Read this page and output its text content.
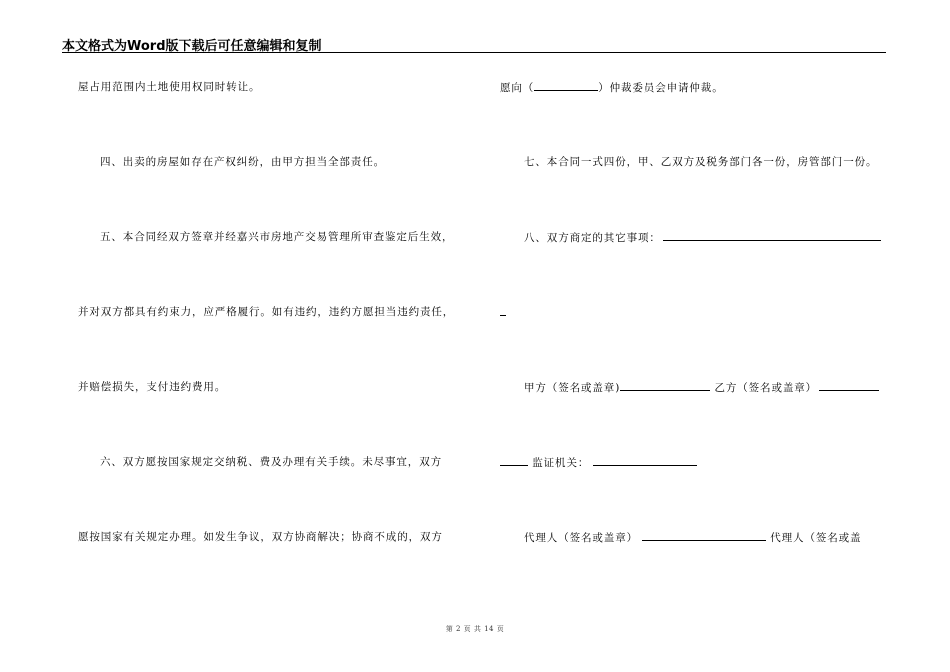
本文格式为Word版下载后可任意编辑和复制
屋占用范围内土地使用权同时转让。
四、出卖的房屋如存在产权纠纷，由甲方担当全部责任。
五、本合同经双方签章并经嘉兴市房地产交易管理所审查鉴定后生效，
并对双方都具有约束力，应严格履行。如有违约，违约方愿担当违约责任，
并赔偿损失，支付违约费用。
六、双方愿按国家规定交纳税、费及办理有关手续。未尽事宜，双方
愿按国家有关规定办理。如发生争议，双方协商解决；协商不成的，双方
愿向（	）仲裁委员会申请仲裁。
七、本合同一式四份，甲、乙双方及税务部门各一份，房管部门一份。
八、双方商定的其它事项：
甲方（签名或盖章)	乙方（签名或盖章）
监证机关：
代理人（签名或盖章）	代理人（签名或盖
第 2 页 共 14 页
